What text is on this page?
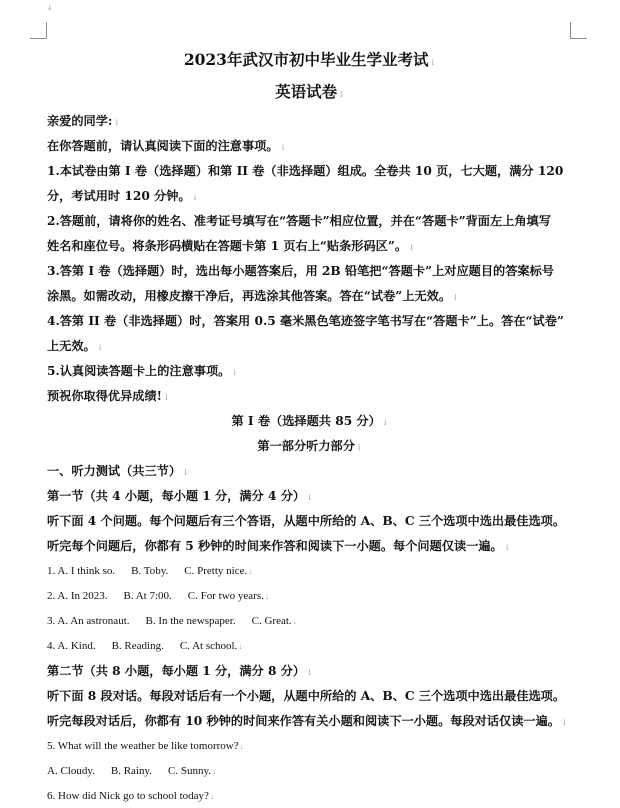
↓
2023年武汉市初中毕业生学业考试↓
英语试卷↓
亲爱的同学:↓
在你答题前，请认真阅读下面的注意事项。↓
1.本试卷由第 I 卷（选择题）和第 II 卷（非选择题）组成。全卷共 10 页，七大题，满分 120
分，考试用时 120 分钟。↓
2.答题前，请将你的姓名、准考证号填写在“答题卡”相应位置，并在“答题卡”背面左上角填写
姓名和座位号。将条形码横贴在答题卡第 1 页右上“贴条形码区”。↓
3.答第 I 卷（选择题）时，选出每小题答案后，用 2B 铅笔把“答题卡”上对应题目的答案标号
涂黑。如需改动，用橡皮擦干净后，再选涂其他答案。答在“试卷”上无效。↓
4.答第 II 卷（非选择题）时，答案用 0.5 毫米黑色笔迹签字笔书写在“答题卡”上。答在“试卷”
上无效。↓
5.认真阅读答题卡上的注意事项。↓
预祝你取得优异成绩!↓
第 I 卷（选择题共 85 分）↓
第一部分听力部分↓
一、听力测试（共三节）↓
第一节（共 4 小题，每小题 1 分，满分 4 分）↓
听下面 4 个问题。每个问题后有三个答语，从题中所给的 A、B、C 三个选项中选出最佳选项。
听完每个问题后，你都有 5 秒钟的时间来作答和阅读下一小题。每个问题仅读一遍。↓
1. A. I think so. B. Toby. C. Pretty nice.↓
2. A. In 2023. B. At 7:00. C. For two years.↓
3. A. An astronaut. B. In the newspaper. C. Great.↓
4. A. Kind. B. Reading. C. At school.↓
第二节（共 8 小题，每小题 1 分，满分 8 分）↓
听下面 8 段对话。每段对话后有一个小题，从题中所给的 A、B、C 三个选项中选出最佳选项。
听完每段对话后，你都有 10 秒钟的时间来作答有关小题和阅读下一小题。每段对话仅读一遍。↓
5. What will the weather be like tomorrow?↓
A. Cloudy. B. Rainy. C. Sunny.↓
6. How did Nick go to school today?↓
